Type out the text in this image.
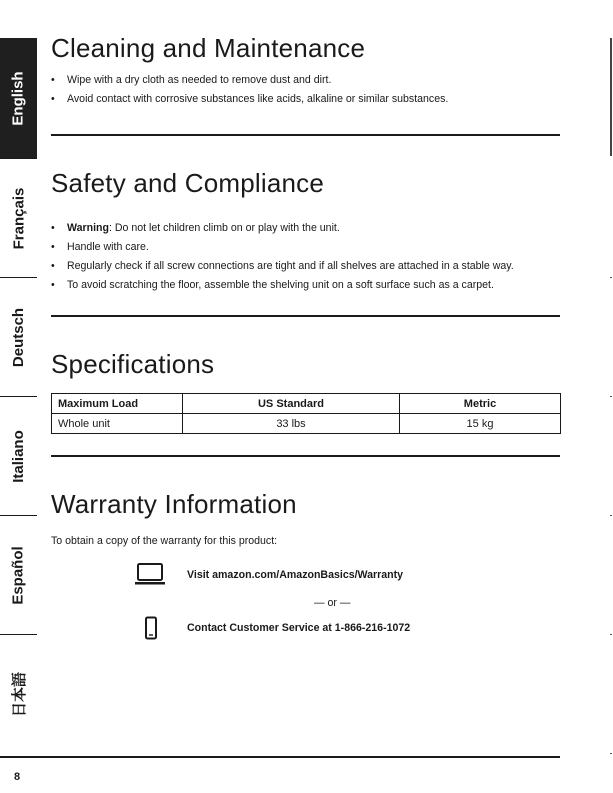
English
Français
Deutsch
Italiano
Español
日本語
Cleaning and Maintenance
• Wipe with a dry cloth as needed to remove dust and dirt.
• Avoid contact with corrosive substances like acids, alkaline or similar substances.
Safety and Compliance
• Warning: Do not let children climb on or play with the unit.
• Handle with care.
• Regularly check if all screw connections are tight and if all shelves are attached in a stable way.
• To avoid scratching the floor, assemble the shelving unit on a soft surface such as a carpet.
Specifications
Maximum Load	US Standard	Metric
Whole unit	33 lbs	15 kg
Warranty Information
To obtain a copy of the warranty for this product:
Visit amazon.com/AmazonBasics/Warranty
— or —
Contact Customer Service at 1-866-216-1072
8
